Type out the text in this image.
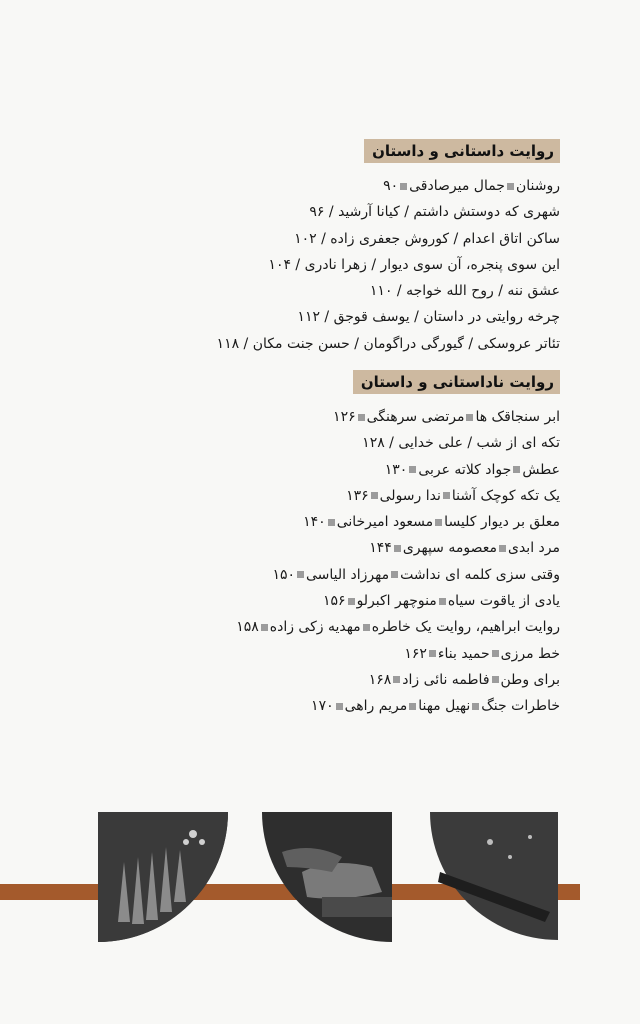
روایت داستانی و داستان
روشنانجمال میرصادقی۹۰
شهری که دوستش داشتم / کیانا آرشید / ۹۶
ساکن اتاق اعدام / کوروش جعفری زاده / ۱۰۲
این سوی پنجره، آن سوی دیوار / زهرا نادری / ۱۰۴
عشق ننه / روح الله خواجه / ۱۱۰
چرخه روایتی در داستان / یوسف قوجق / ۱۱۲
تئاتر عروسکی / گیورگی دراگومان / حسن جنت مکان / ۱۱۸
روایت ناداستانی و داستان
ابر سنجاقک هامرتضی سرهنگی۱۲۶
تکه ای از شب / علی خدایی / ۱۲۸
عطشجواد کلاته عربی۱۳۰
یک تکه کوچک آشناندا رسولی۱۳۶
معلق بر دیوار کلیسامسعود امیرخانی۱۴۰
مرد ابدیمعصومه سپهری۱۴۴
وقتی سزی کلمه ای نداشتمهرزاد الیاسی۱۵۰
یادی از یاقوت سیاهمنوچهر اکبرلو۱۵۶
روایت ابراهیم، روایت یک خاطرهمهدیه زکی زاده۱۵۸
خط مرزیحمید بناء۱۶۲
برای وطنفاطمه نائی زاد۱۶۸
خاطرات جنگنهیل مهنامریم راهی۱۷۰
